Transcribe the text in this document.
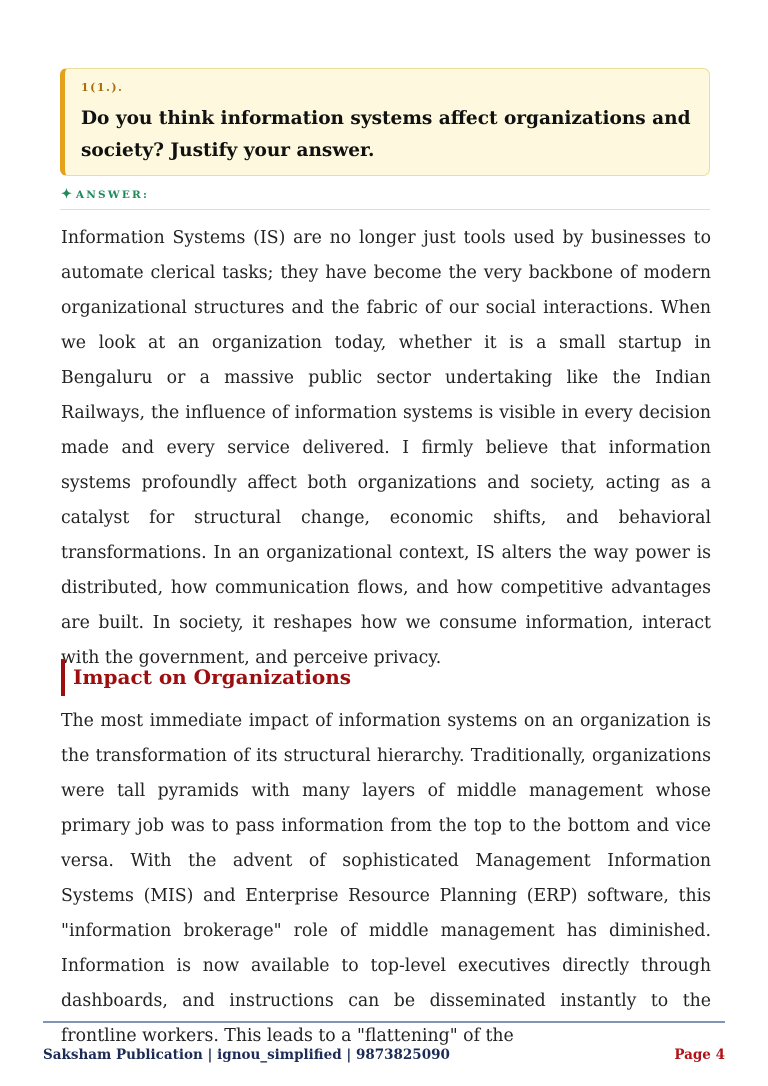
1(1.).

Do you think information systems affect organizations and society? Justify your answer.

✦ ANSWER:

Information Systems (IS) are no longer just tools used by businesses to automate clerical tasks; they have become the very backbone of modern organizational structures and the fabric of our social interactions. When we look at an organization today, whether it is a small startup in Bengaluru or a massive public sector undertaking like the Indian Railways, the influence of information systems is visible in every decision made and every service delivered. I firmly believe that information systems profoundly affect both organizations and society, acting as a catalyst for structural change, economic shifts, and behavioral transformations. In an organizational context, IS alters the way power is distributed, how communication flows, and how competitive advantages are built. In society, it reshapes how we consume information, interact with the government, and perceive privacy.

Impact on Organizations

The most immediate impact of information systems on an organization is the transformation of its structural hierarchy. Traditionally, organizations were tall pyramids with many layers of middle management whose primary job was to pass information from the top to the bottom and vice versa. With the advent of sophisticated Management Information Systems (MIS) and Enterprise Resource Planning (ERP) software, this "information brokerage" role of middle management has diminished. Information is now available to top-level executives directly through dashboards, and instructions can be disseminated instantly to the frontline workers. This leads to a "flattening" of the

Saksham Publication | ignou_simplified | 9873825090	Page 4
